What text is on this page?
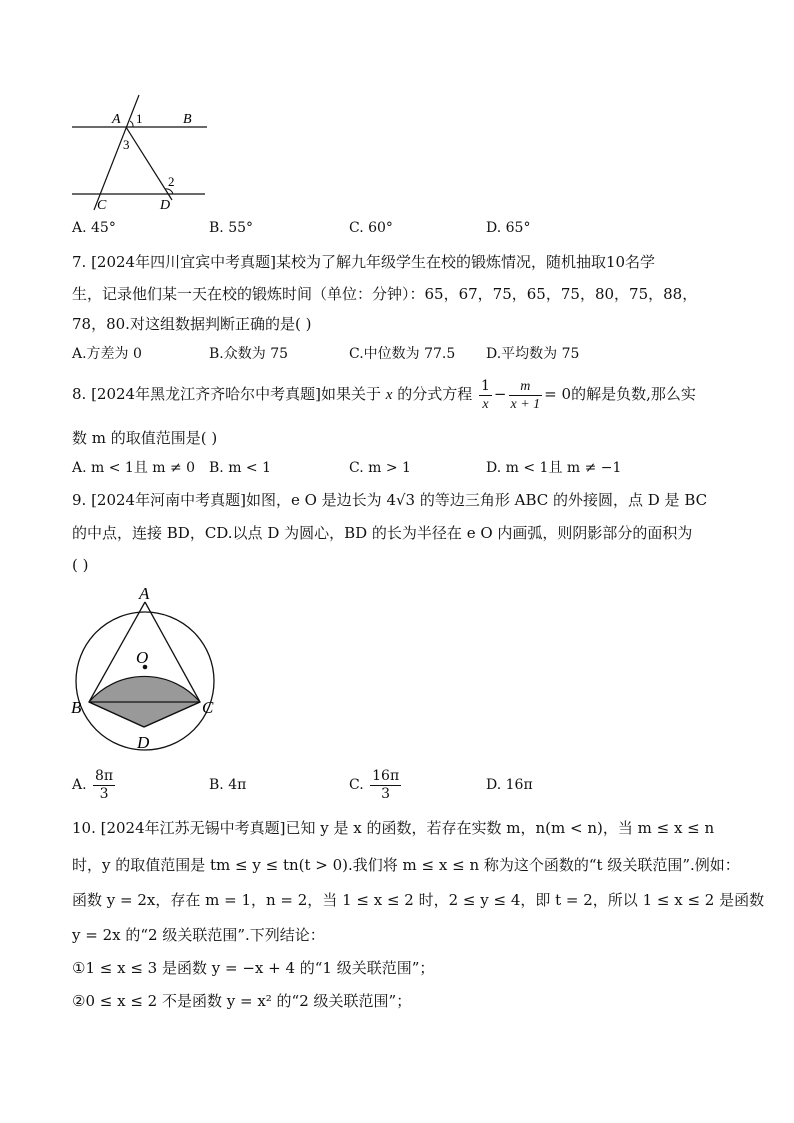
A 1	B
3
2
C	D
A. 45°	B. 55°	C. 60°	D. 65°
7. [2024年四川宜宾中考真题]某校为了解九年级学生在校的锻炼情况，随机抽取10名学
生，记录他们某一天在校的锻炼时间（单位：分钟）：65，67，75，65，75，80，75，88，
78，80.对这组数据判断正确的是( )
A.方差为 0	B.众数为 75	C.中位数为 77.5 D.平均数为 75
8. [2024年黑龙江齐齐哈尔中考真题]如果关于 x 的分式方程 $\frac{1}{x} - \frac{m}{x + 1} = 0$的解是负数,那么实
数 m 的取值范围是( )
A. m < 1且 m ≠ 0 B. m < 1	C. m > 1	D. m < 1且 m ≠ −1
9. [2024年河南中考真题]如图，e O 是边长为 4√3 的等边三角形 ABC 的外接圆，点 D 是 BC
的中点，连接 BD，CD.以点 D 为圆心，BD 的长为半径在 e O 内画弧，则阴影部分的面积为
( )
A
O
B	C
D
A. $\frac{8\pi}{3}$	B. 4π	C. $\frac{16\pi}{3}$	D. 16π
10. [2024年江苏无锡中考真题]已知 y 是 x 的函数，若存在实数 m，n(m < n)，当 m ≤ x ≤ n
时，y 的取值范围是 tm ≤ y ≤ tn(t > 0).我们将 m ≤ x ≤ n 称为这个函数的“t 级关联范围”.例如：
函数 y = 2x，存在 m = 1，n = 2，当 1 ≤ x ≤ 2 时，2 ≤ y ≤ 4，即 t = 2，所以 1 ≤ x ≤ 2 是函数
y = 2x 的“2 级关联范围”.下列结论：
①1 ≤ x ≤ 3 是函数 y = −x + 4 的“1 级关联范围”；
②0 ≤ x ≤ 2 不是函数 y = x² 的“2 级关联范围”；
